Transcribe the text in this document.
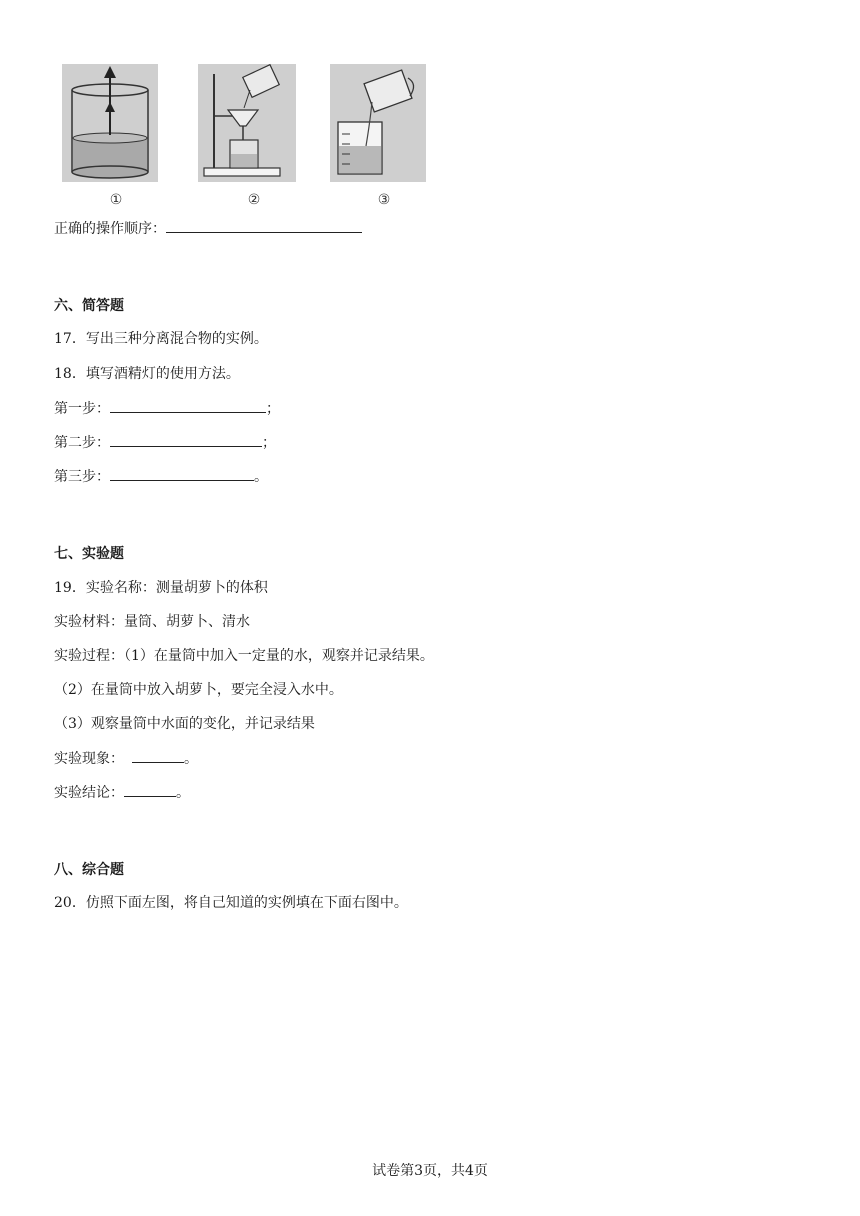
①	②	③
正确的操作顺序：
六、简答题
17．写出三种分离混合物的实例。
18．填写酒精灯的使用方法。
第一步：	；
第二步：	；
第三步：	。
七、实验题
19．实验名称：测量胡萝卜的体积
实验材料：量筒、胡萝卜、清水
实验过程：（1）在量筒中加入一定量的水，观察并记录结果。
（2）在量筒中放入胡萝卜，要完全浸入水中。
（3）观察量筒中水面的变化，并记录结果
实验现象：	。
实验结论：	。
八、综合题
20．仿照下面左图，将自己知道的实例填在下面右图中。
试卷第3页，共4页
